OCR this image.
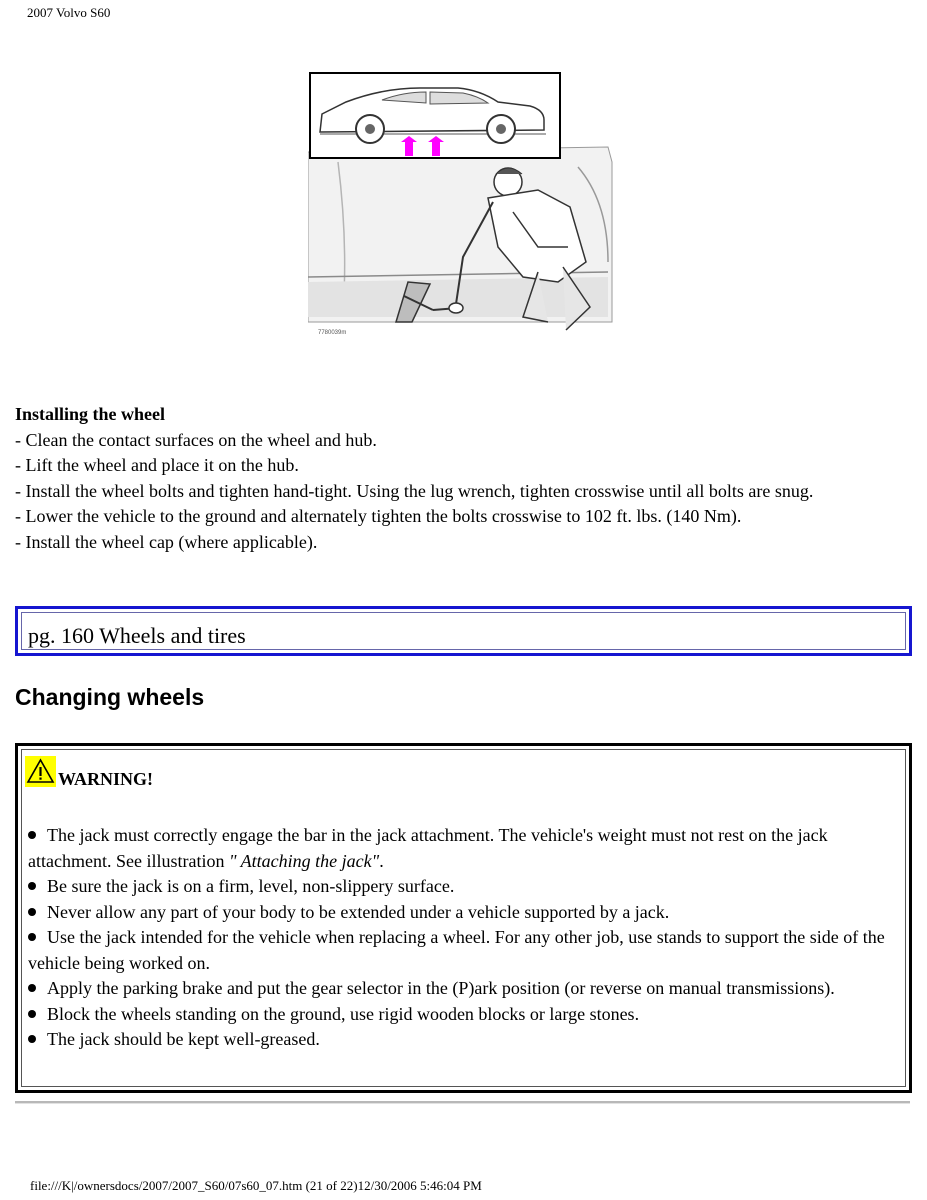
2007 Volvo S60
7780039m
Installing the wheel
- Clean the contact surfaces on the wheel and hub.
- Lift the wheel and place it on the hub.
- Install the wheel bolts and tighten hand-tight. Using the lug wrench, tighten crosswise until all bolts are snug.
- Lower the vehicle to the ground and alternately tighten the bolts crosswise to 102 ft. lbs. (140 Nm).
- Install the wheel cap (where applicable).
pg. 160 Wheels and tires
Changing wheels
WARNING!
The jack must correctly engage the bar in the jack attachment. The vehicle's weight must not rest on the jack attachment. See illustration " Attaching the jack".
Be sure the jack is on a firm, level, non-slippery surface.
Never allow any part of your body to be extended under a vehicle supported by a jack.
Use the jack intended for the vehicle when replacing a wheel. For any other job, use stands to support the side of the vehicle being worked on.
Apply the parking brake and put the gear selector in the (P)ark position (or reverse on manual transmissions).
Block the wheels standing on the ground, use rigid wooden blocks or large stones.
The jack should be kept well-greased.
file:///K|/ownersdocs/2007/2007_S60/07s60_07.htm (21 of 22)12/30/2006 5:46:04 PM
